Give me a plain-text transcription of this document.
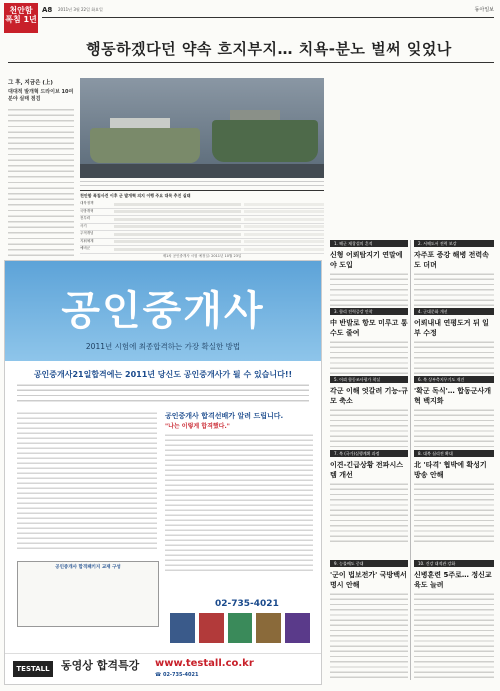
천안함
폭침 1년
A8 2011년 3월 22일 화요일	동아일보
행동하겠다던 약속 흐지부지… 치욕-분노 벌써 잊었나
그 후, 지금은 (上)
대대적 발개혁 드라이브 10여 분야 실태 점검
천안함 폭침사건 이후 군 발개혁 의지 이행 주요 대목 추진 실태
대북정책
국방개혁
전투력
사기
주적개념
지휘체계
예비군
제1차 공인중개사 시험 예정일: 2011년 10월 23일
공인중개사
2011년 시험에 최종합격하는 가장 확실한 방법
공인중개사21일합격에는 2011년 당신도 공인중개사가 될 수 있습니다!!
공인중개사 합격패키지 교재 구성
공인중개사 합격선배가 알려 드립니다.
"나는 이렇게 합격했다."
02-735-4021
TESTALL	동영상 합격특강 www.testall.co.kr
☎ 02-735-4021
1. 해군 재창설의 흔적
신형 어뢰탐지기 연말에야 도입
2. 서해도서 전력 보강
자주포 증강 해병 전력속도 더뎌
3. 합리 전력증강 안착
中 반발로 항모 미루고 통수도 줄여
4. 군대문화 개선
어뢰내내 연평도거 뒤 일부 수정
5. 어뢰 합동조사평가 착실
각군 이해 엇갈려 기능-규모 축소
6. 북 상부측지무기도 재건
'확군 독식'… 합동군사개혁 백지화
7. 북 (국가)실행계획 과정
이견-긴급상황 전파시스템 개선
8. 대북 심리전 확대
北 '타격' 협박에 확성기 방송 안해
9. 능률배도 중대
'군이 법보전가' 국방백서 명시 안해
10. 건강 대적관 강화
신병훈련 5주로… 정신교육도 늘려
